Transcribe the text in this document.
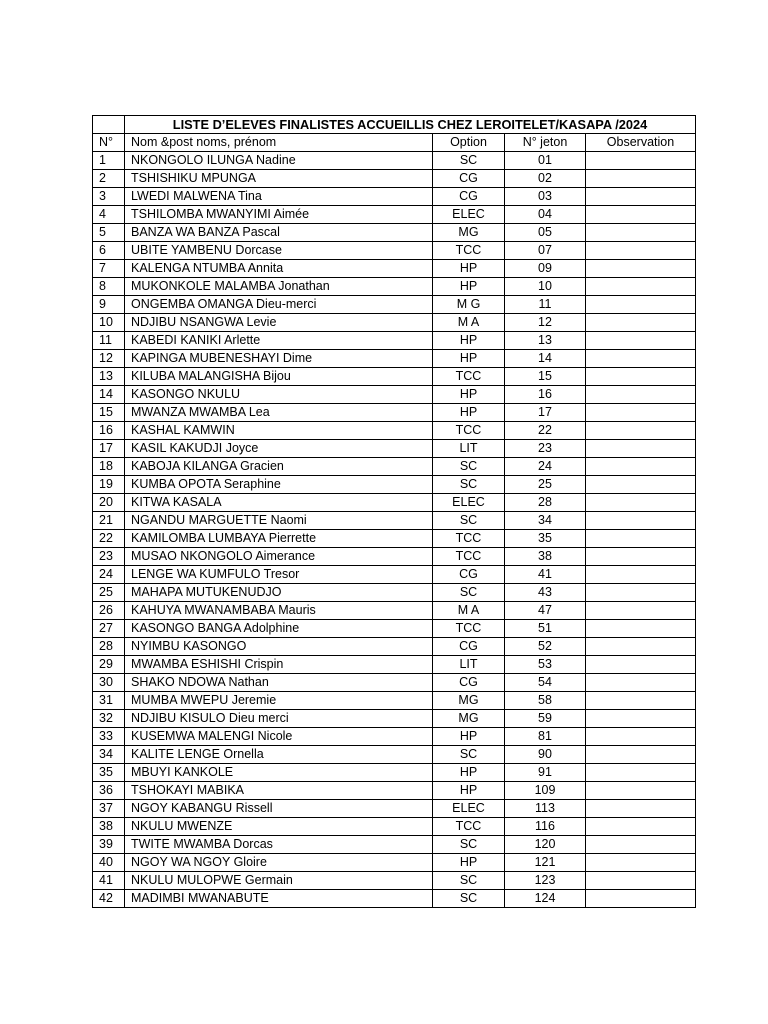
	LISTE D’ELEVES FINALISTES ACCUEILLIS CHEZ LEROITELET/KASAPA /2024			
N°	Nom &post noms, prénom	Option	N° jeton	Observation
1	NKONGOLO ILUNGA Nadine	SC	01	
2	TSHISHIKU MPUNGA	CG	02	
3	LWEDI MALWENA Tina	CG	03	
4	TSHILOMBA MWANYIMI Aimée	ELEC	04	
5	BANZA WA BANZA Pascal	MG	05	
6	UBITE YAMBENU Dorcase	TCC	07	
7	KALENGA NTUMBA Annita	HP	09	
8	MUKONKOLE MALAMBA Jonathan	HP	10	
9	ONGEMBA OMANGA Dieu-merci	M G	11	
10	NDJIBU NSANGWA Levie	M A	12	
11	KABEDI KANIKI Arlette	HP	13	
12	KAPINGA MUBENESHAYI Dime	HP	14	
13	KILUBA MALANGISHA Bijou	TCC	15	
14	KASONGO NKULU	HP	16	
15	MWANZA MWAMBA Lea	HP	17	
16	KASHAL KAMWIN	TCC	22	
17	KASIL KAKUDJI Joyce	LIT	23	
18	KABOJA KILANGA Gracien	SC	24	
19	KUMBA OPOTA Seraphine	SC	25	
20	KITWA KASALA	ELEC	28	
21	NGANDU MARGUETTE Naomi	SC	34	
22	KAMILOMBA LUMBAYA Pierrette	TCC	35	
23	MUSAO NKONGOLO Aimerance	TCC	38	
24	LENGE WA KUMFULO Tresor	CG	41	
25	MAHAPA MUTUKENUDJO	SC	43	
26	KAHUYA MWANAMBABA Mauris	M A	47	
27	KASONGO BANGA Adolphine	TCC	51	
28	NYIMBU KASONGO	CG	52	
29	MWAMBA ESHISHI Crispin	LIT	53	
30	SHAKO NDOWA Nathan	CG	54	
31	MUMBA MWEPU Jeremie	MG	58	
32	NDJIBU KISULO Dieu merci	MG	59	
33	KUSEMWA MALENGI Nicole	HP	81	
34	KALITE LENGE Ornella	SC	90	
35	MBUYI KANKOLE	HP	91	
36	TSHOKAYI MABIKA	HP	109	
37	NGOY KABANGU Rissell	ELEC	113	
38	NKULU MWENZE	TCC	116	
39	TWITE MWAMBA Dorcas	SC	120	
40	NGOY WA NGOY Gloire	HP	121	
41	NKULU MULOPWE Germain	SC	123	
42	MADIMBI MWANABUTE	SC	124	
